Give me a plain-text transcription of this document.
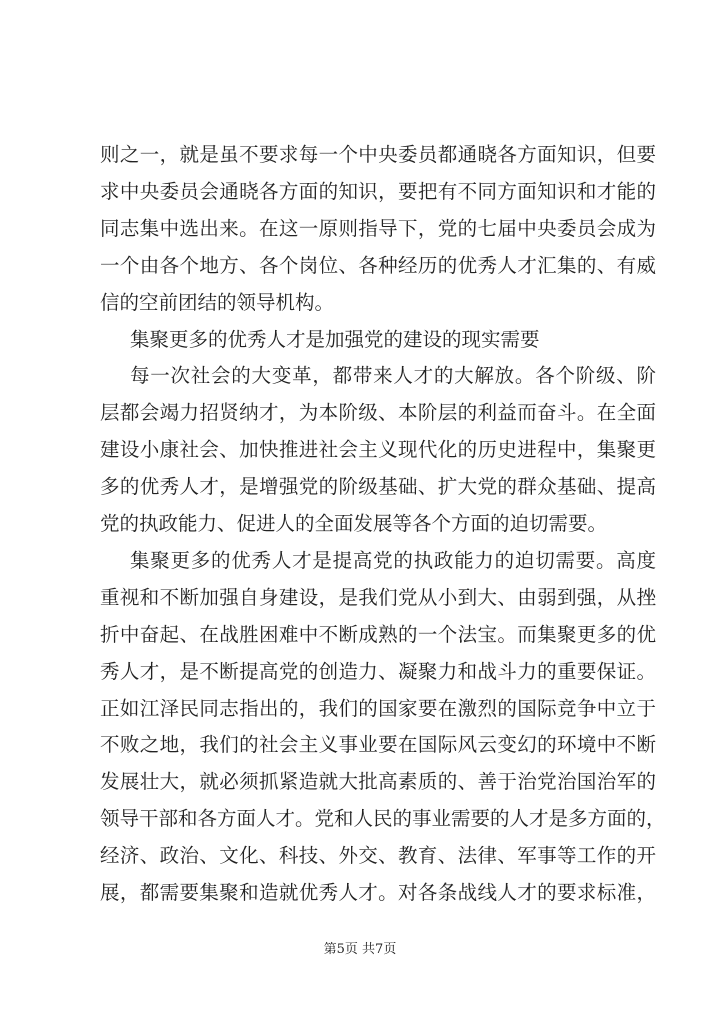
则之一，就是虽不要求每一个中央委员都通晓各方面知识，但要
求中央委员会通晓各方面的知识，要把有不同方面知识和才能的
同志集中选出来。在这一原则指导下，党的七届中央委员会成为
一个由各个地方、各个岗位、各种经历的优秀人才汇集的、有威
信的空前团结的领导机构。
集聚更多的优秀人才是加强党的建设的现实需要
每一次社会的大变革，都带来人才的大解放。各个阶级、阶
层都会竭力招贤纳才，为本阶级、本阶层的利益而奋斗。在全面
建设小康社会、加快推进社会主义现代化的历史进程中，集聚更
多的优秀人才，是增强党的阶级基础、扩大党的群众基础、提高
党的执政能力、促进人的全面发展等各个方面的迫切需要。
集聚更多的优秀人才是提高党的执政能力的迫切需要。高度
重视和不断加强自身建设，是我们党从小到大、由弱到强，从挫
折中奋起、在战胜困难中不断成熟的一个法宝。而集聚更多的优
秀人才，是不断提高党的创造力、凝聚力和战斗力的重要保证。
正如江泽民同志指出的，我们的国家要在激烈的国际竞争中立于
不败之地，我们的社会主义事业要在国际风云变幻的环境中不断
发展壮大，就必须抓紧造就大批高素质的、善于治党治国治军的
领导干部和各方面人才。党和人民的事业需要的人才是多方面的，
经济、政治、文化、科技、外交、教育、法律、军事等工作的开
展，都需要集聚和造就优秀人才。对各条战线人才的要求标准，
第5页 共7页
